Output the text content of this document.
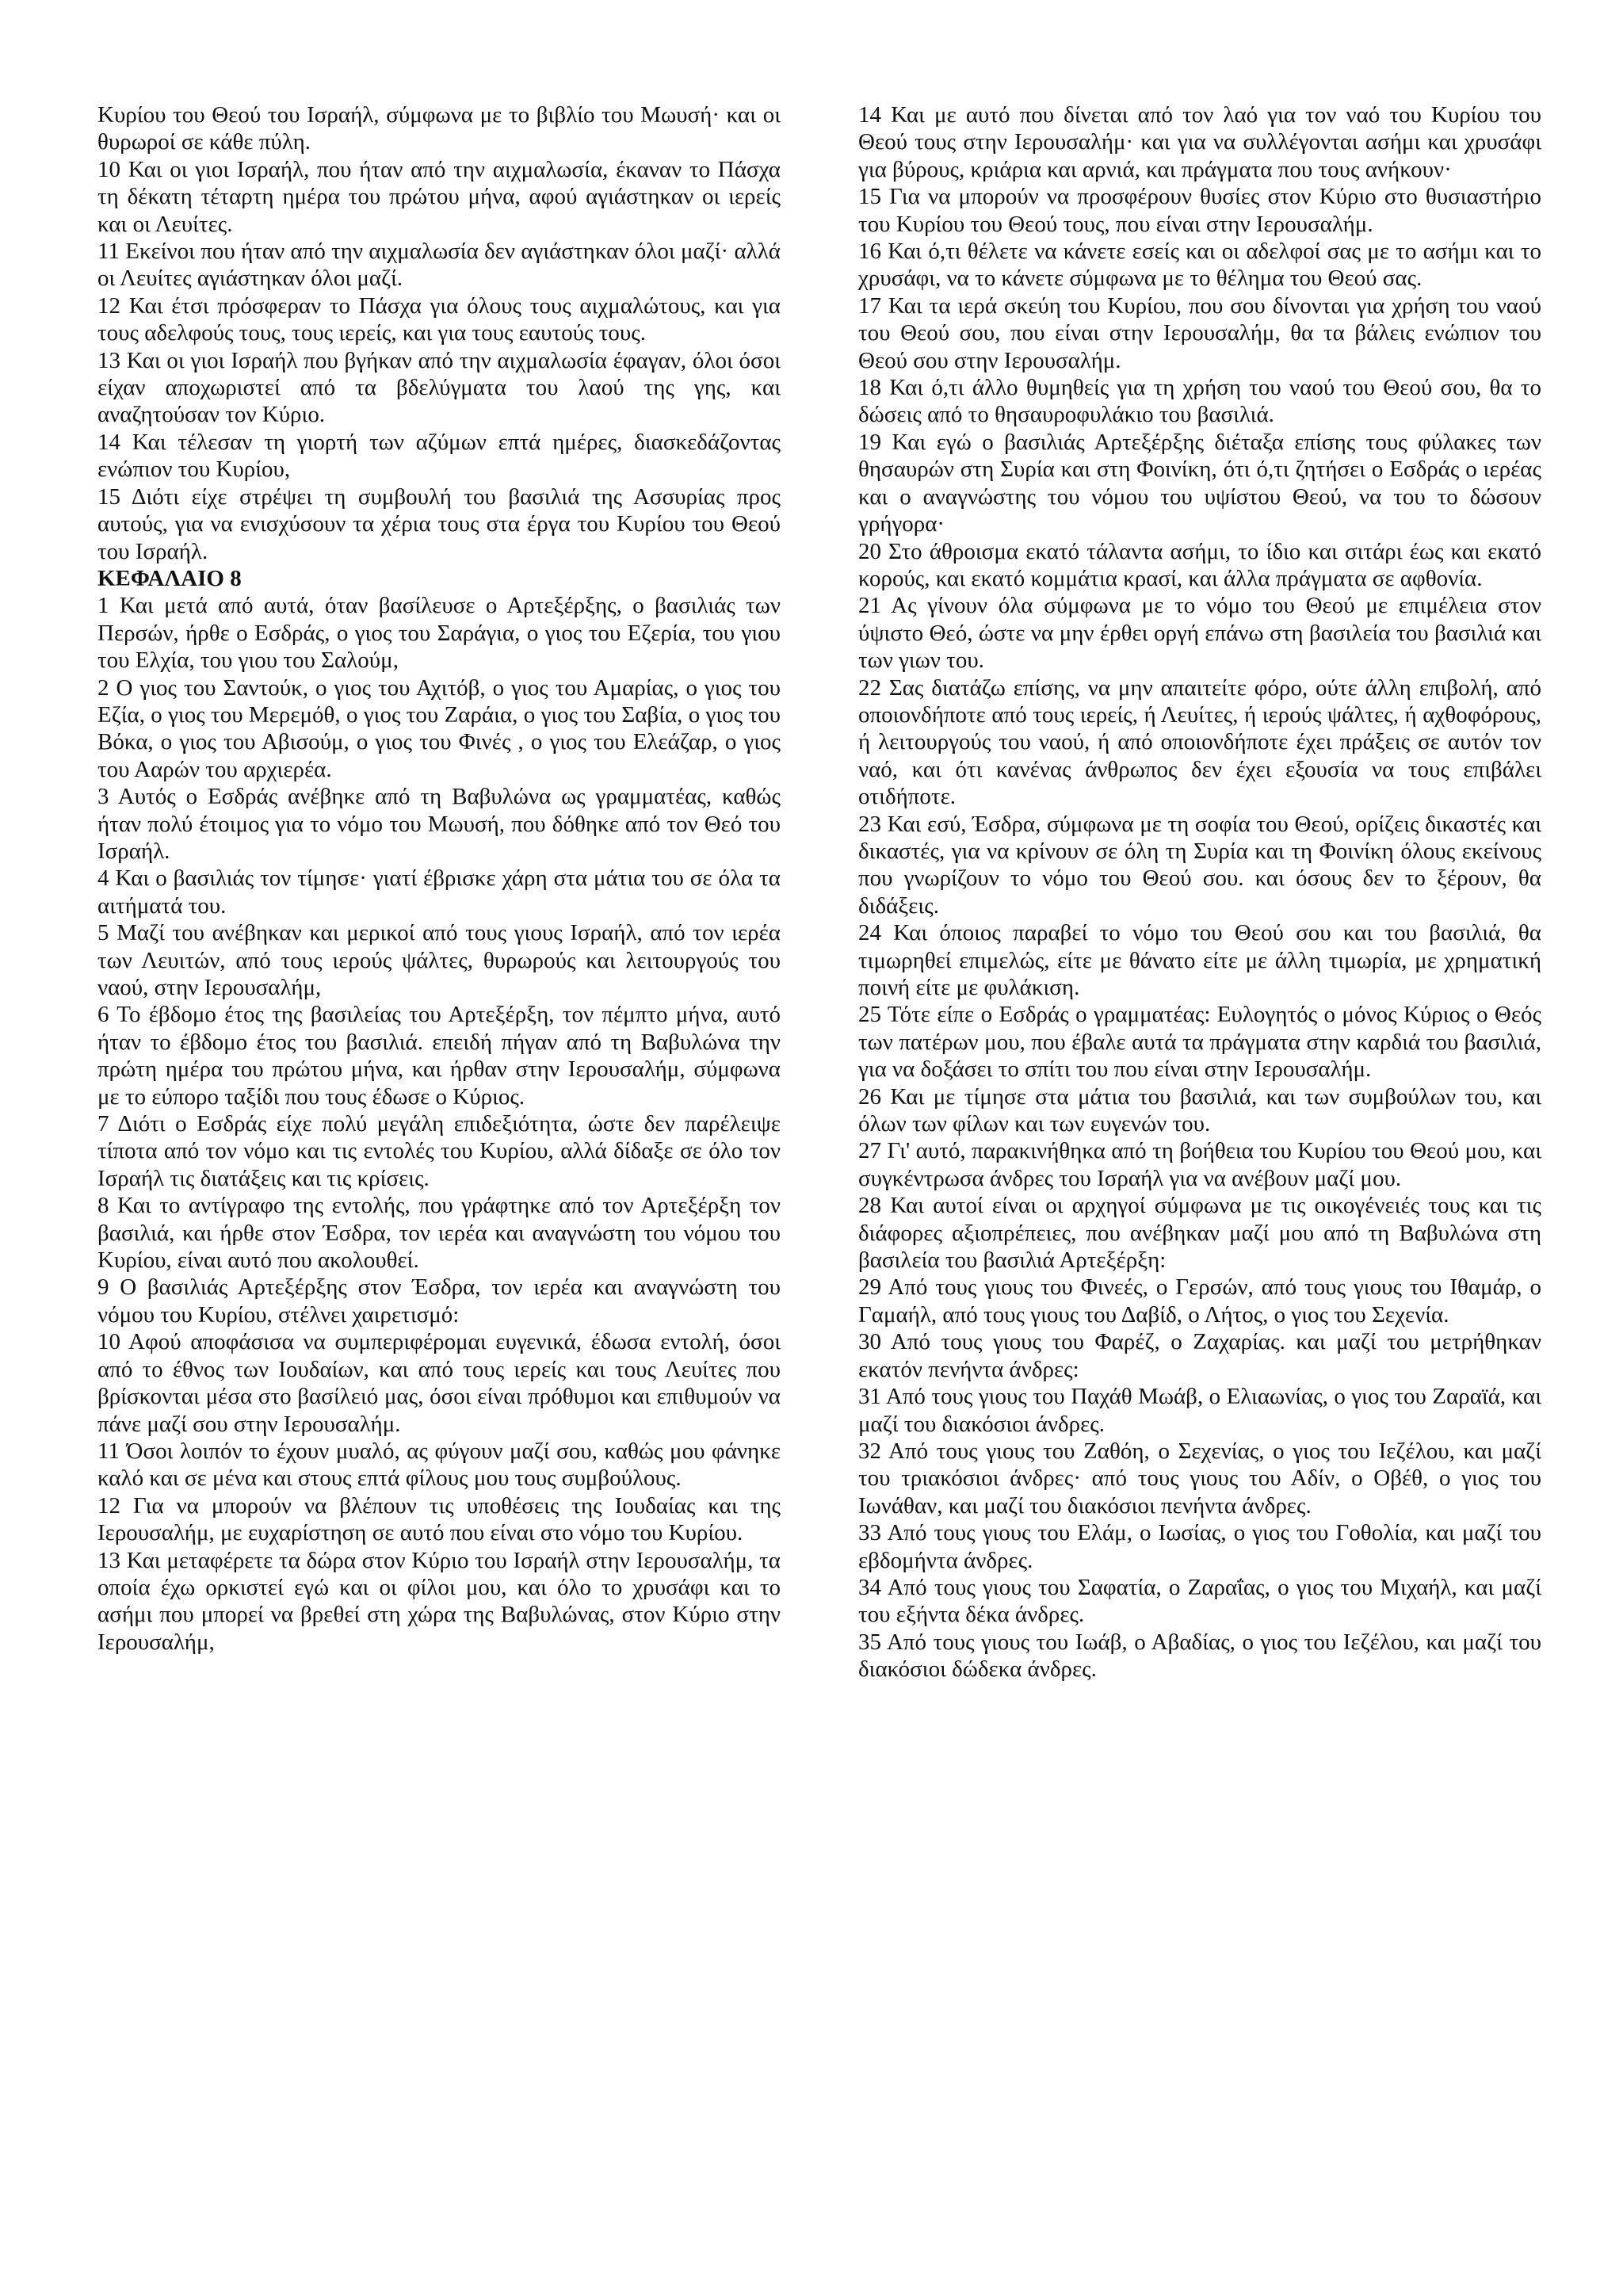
Κυρίου του Θεού του Ισραήλ, σύμφωνα με το βιβλίο του Μωυσή· και οι θυρωροί σε κάθε πύλη.

10 Και οι γιοι Ισραήλ, που ήταν από την αιχμαλωσία, έκαναν το Πάσχα τη δέκατη τέταρτη ημέρα του πρώτου μήνα, αφού αγιάστηκαν οι ιερείς και οι Λευίτες.

11 Εκείνοι που ήταν από την αιχμαλωσία δεν αγιάστηκαν όλοι μαζί· αλλά οι Λευίτες αγιάστηκαν όλοι μαζί.

12 Και έτσι πρόσφεραν το Πάσχα για όλους τους αιχμαλώτους, και για τους αδελφούς τους, τους ιερείς, και για τους εαυτούς τους.

13 Και οι γιοι Ισραήλ που βγήκαν από την αιχμαλωσία έφαγαν, όλοι όσοι είχαν αποχωριστεί από τα βδελύγματα του λαού της γης, και αναζητούσαν τον Κύριο.

14 Και τέλεσαν τη γιορτή των αζύμων επτά ημέρες, διασκεδάζοντας ενώπιον του Κυρίου,

15 Διότι είχε στρέψει τη συμβουλή του βασιλιά της Ασσυρίας προς αυτούς, για να ενισχύσουν τα χέρια τους στα έργα του Κυρίου του Θεού του Ισραήλ.

ΚΕΦΑΛΑΙΟ 8

1 Και μετά από αυτά, όταν βασίλευσε ο Αρτεξέρξης, ο βασιλιάς των Περσών, ήρθε ο Εσδράς, ο γιος του Σαράγια, ο γιος του Εζερία, του γιου του Ελχία, του γιου του Σαλούμ,

2 Ο γιος του Σαντούκ, ο γιος του Αχιτόβ, ο γιος του Αμαρίας, ο γιος του Εζία, ο γιος του Μερεμόθ, ο γιος του Ζαράια, ο γιος του Σαβία, ο γιος του Βόκα, ο γιος του Αβισούμ, ο γιος του Φινές , ο γιος του Ελεάζαρ, ο γιος του Ααρών του αρχιερέα.

3 Αυτός ο Εσδράς ανέβηκε από τη Βαβυλώνα ως γραμματέας, καθώς ήταν πολύ έτοιμος για το νόμο του Μωυσή, που δόθηκε από τον Θεό του Ισραήλ.

4 Και ο βασιλιάς τον τίμησε· γιατί έβρισκε χάρη στα μάτια του σε όλα τα αιτήματά του.

5 Μαζί του ανέβηκαν και μερικοί από τους γιους Ισραήλ, από τον ιερέα των Λευιτών, από τους ιερούς ψάλτες, θυρωρούς και λειτουργούς του ναού, στην Ιερουσαλήμ,

6 Το έβδομο έτος της βασιλείας του Αρτεξέρξη, τον πέμπτο μήνα, αυτό ήταν το έβδομο έτος του βασιλιά. επειδή πήγαν από τη Βαβυλώνα την πρώτη ημέρα του πρώτου μήνα, και ήρθαν στην Ιερουσαλήμ, σύμφωνα με το εύπορο ταξίδι που τους έδωσε ο Κύριος.

7 Διότι ο Εσδράς είχε πολύ μεγάλη επιδεξιότητα, ώστε δεν παρέλειψε τίποτα από τον νόμο και τις εντολές του Κυρίου, αλλά δίδαξε σε όλο τον Ισραήλ τις διατάξεις και τις κρίσεις.

8 Και το αντίγραφο της εντολής, που γράφτηκε από τον Αρτεξέρξη τον βασιλιά, και ήρθε στον Έσδρα, τον ιερέα και αναγνώστη του νόμου του Κυρίου, είναι αυτό που ακολουθεί.

9 Ο βασιλιάς Αρτεξέρξης στον Έσδρα, τον ιερέα και αναγνώστη του νόμου του Κυρίου, στέλνει χαιρετισμό:

10 Αφού αποφάσισα να συμπεριφέρομαι ευγενικά, έδωσα εντολή, όσοι από το έθνος των Ιουδαίων, και από τους ιερείς και τους Λευίτες που βρίσκονται μέσα στο βασίλειό μας, όσοι είναι πρόθυμοι και επιθυμούν να πάνε μαζί σου στην Ιερουσαλήμ.

11 Όσοι λοιπόν το έχουν μυαλό, ας φύγουν μαζί σου, καθώς μου φάνηκε καλό και σε μένα και στους επτά φίλους μου τους συμβούλους.

12 Για να μπορούν να βλέπουν τις υποθέσεις της Ιουδαίας και της Ιερουσαλήμ, με ευχαρίστηση σε αυτό που είναι στο νόμο του Κυρίου.

13 Και μεταφέρετε τα δώρα στον Κύριο του Ισραήλ στην Ιερουσαλήμ, τα οποία έχω ορκιστεί εγώ και οι φίλοι μου, και όλο το χρυσάφι και το ασήμι που μπορεί να βρεθεί στη χώρα της Βαβυλώνας, στον Κύριο στην Ιερουσαλήμ,

14 Και με αυτό που δίνεται από τον λαό για τον ναό του Κυρίου του Θεού τους στην Ιερουσαλήμ· και για να συλλέγονται ασήμι και χρυσάφι για βύρους, κριάρια και αρνιά, και πράγματα που τους ανήκουν·

15 Για να μπορούν να προσφέρουν θυσίες στον Κύριο στο θυσιαστήριο του Κυρίου του Θεού τους, που είναι στην Ιερουσαλήμ.

16 Και ό,τι θέλετε να κάνετε εσείς και οι αδελφοί σας με το ασήμι και το χρυσάφι, να το κάνετε σύμφωνα με το θέλημα του Θεού σας.

17 Και τα ιερά σκεύη του Κυρίου, που σου δίνονται για χρήση του ναού του Θεού σου, που είναι στην Ιερουσαλήμ, θα τα βάλεις ενώπιον του Θεού σου στην Ιερουσαλήμ.

18 Και ό,τι άλλο θυμηθείς για τη χρήση του ναού του Θεού σου, θα το δώσεις από το θησαυροφυλάκιο του βασιλιά.

19 Και εγώ ο βασιλιάς Αρτεξέρξης διέταξα επίσης τους φύλακες των θησαυρών στη Συρία και στη Φοινίκη, ότι ό,τι ζητήσει ο Εσδράς ο ιερέας και ο αναγνώστης του νόμου του υψίστου Θεού, να του το δώσουν γρήγορα·

20 Στο άθροισμα εκατό τάλαντα ασήμι, το ίδιο και σιτάρι έως και εκατό κορούς, και εκατό κομμάτια κρασί, και άλλα πράγματα σε αφθονία.

21 Ας γίνουν όλα σύμφωνα με το νόμο του Θεού με επιμέλεια στον ύψιστο Θεό, ώστε να μην έρθει οργή επάνω στη βασιλεία του βασιλιά και των γιων του.

22 Σας διατάζω επίσης, να μην απαιτείτε φόρο, ούτε άλλη επιβολή, από οποιονδήποτε από τους ιερείς, ή Λευίτες, ή ιερούς ψάλτες, ή αχθοφόρους, ή λειτουργούς του ναού, ή από οποιονδήποτε έχει πράξεις σε αυτόν τον ναό, και ότι κανένας άνθρωπος δεν έχει εξουσία να τους επιβάλει οτιδήποτε.

23 Και εσύ, Έσδρα, σύμφωνα με τη σοφία του Θεού, ορίζεις δικαστές και δικαστές, για να κρίνουν σε όλη τη Συρία και τη Φοινίκη όλους εκείνους που γνωρίζουν το νόμο του Θεού σου. και όσους δεν το ξέρουν, θα διδάξεις.

24 Και όποιος παραβεί το νόμο του Θεού σου και του βασιλιά, θα τιμωρηθεί επιμελώς, είτε με θάνατο είτε με άλλη τιμωρία, με χρηματική ποινή είτε με φυλάκιση.

25 Τότε είπε ο Εσδράς ο γραμματέας: Ευλογητός ο μόνος Κύριος ο Θεός των πατέρων μου, που έβαλε αυτά τα πράγματα στην καρδιά του βασιλιά, για να δοξάσει το σπίτι του που είναι στην Ιερουσαλήμ.

26 Και με τίμησε στα μάτια του βασιλιά, και των συμβούλων του, και όλων των φίλων και των ευγενών του.

27 Γι' αυτό, παρακινήθηκα από τη βοήθεια του Κυρίου του Θεού μου, και συγκέντρωσα άνδρες του Ισραήλ για να ανέβουν μαζί μου.

28 Και αυτοί είναι οι αρχηγοί σύμφωνα με τις οικογένειές τους και τις διάφορες αξιοπρέπειες, που ανέβηκαν μαζί μου από τη Βαβυλώνα στη βασιλεία του βασιλιά Αρτεξέρξη:

29 Από τους γιους του Φινεές, ο Γερσών, από τους γιους του Ιθαμάρ, ο Γαμαήλ, από τους γιους του Δαβίδ, ο Λήτος, ο γιος του Σεχενία.

30 Από τους γιους του Φαρέζ, ο Ζαχαρίας. και μαζί του μετρήθηκαν εκατόν πενήντα άνδρες:

31 Από τους γιους του Παχάθ Μωάβ, ο Ελιαωνίας, ο γιος του Ζαραϊά, και μαζί του διακόσιοι άνδρες.

32 Από τους γιους του Ζαθόη, ο Σεχενίας, ο γιος του Ιεζέλου, και μαζί του τριακόσιοι άνδρες· από τους γιους του Αδίν, ο Οβέθ, ο γιος του Ιωνάθαν, και μαζί του διακόσιοι πενήντα άνδρες.

33 Από τους γιους του Ελάμ, ο Ιωσίας, ο γιος του Γοθολία, και μαζί του εβδομήντα άνδρες.

34 Από τους γιους του Σαφατία, ο Ζαραΐας, ο γιος του Μιχαήλ, και μαζί του εξήντα δέκα άνδρες.

35 Από τους γιους του Ιωάβ, ο Αβαδίας, ο γιος του Ιεζέλου, και μαζί του διακόσιοι δώδεκα άνδρες.
